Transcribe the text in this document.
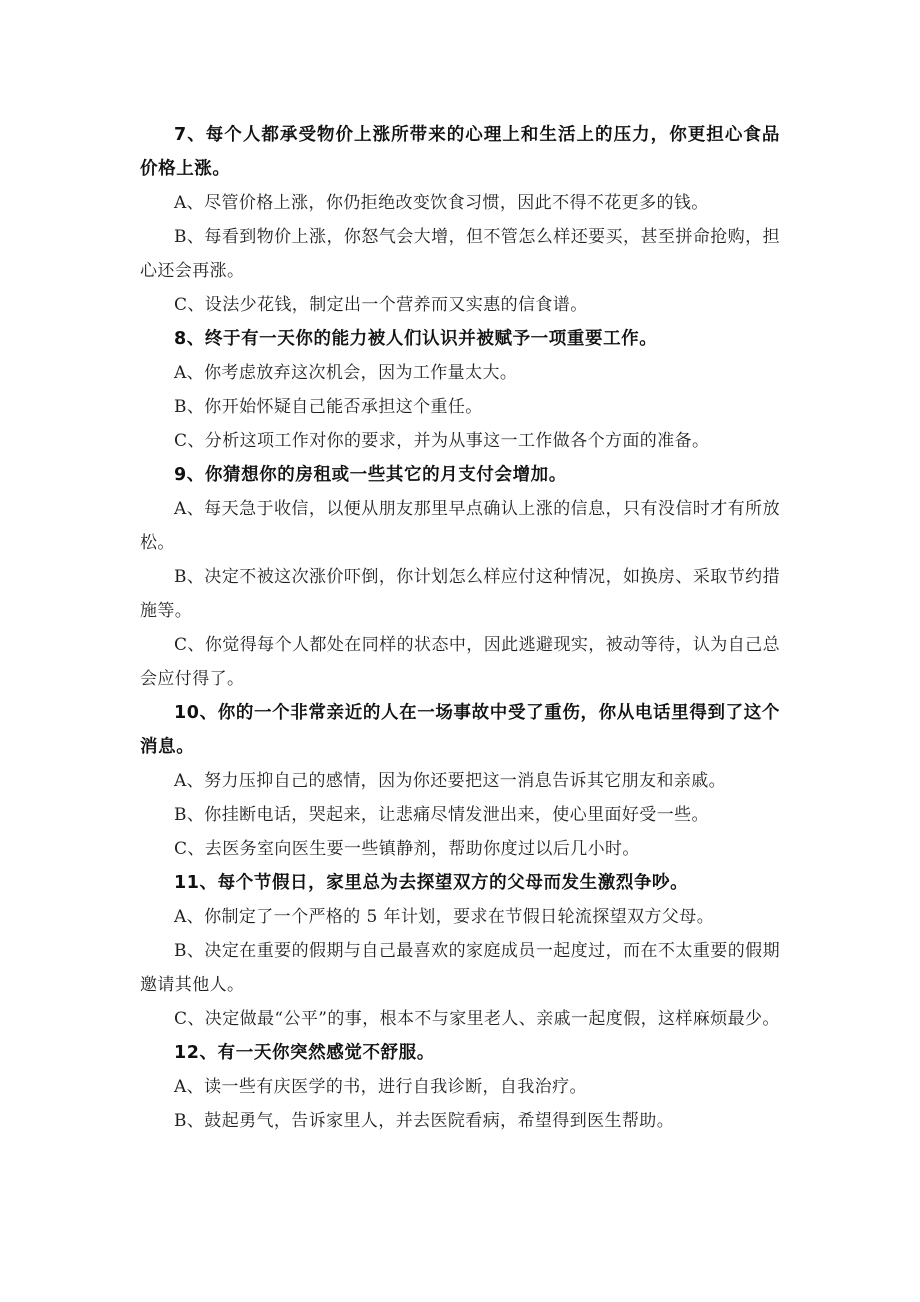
7、每个人都承受物价上涨所带来的心理上和生活上的压力，你更担心食品价格上涨。

A、尽管价格上涨，你仍拒绝改变饮食习惯，因此不得不花更多的钱。

B、每看到物价上涨，你怒气会大增，但不管怎么样还要买，甚至拼命抢购，担心还会再涨。

C、设法少花钱，制定出一个营养而又实惠的信食谱。

8、终于有一天你的能力被人们认识并被赋予一项重要工作。

A、你考虑放弃这次机会，因为工作量太大。

B、你开始怀疑自己能否承担这个重任。

C、分析这项工作对你的要求，并为从事这一工作做各个方面的准备。

9、你猜想你的房租或一些其它的月支付会增加。

A、每天急于收信，以便从朋友那里早点确认上涨的信息，只有没信时才有所放松。

B、决定不被这次涨价吓倒，你计划怎么样应付这种情况，如换房、采取节约措施等。

C、你觉得每个人都处在同样的状态中，因此逃避现实，被动等待，认为自己总会应付得了。

10、你的一个非常亲近的人在一场事故中受了重伤，你从电话里得到了这个消息。

A、努力压抑自己的感情，因为你还要把这一消息告诉其它朋友和亲戚。

B、你挂断电话，哭起来，让悲痛尽情发泄出来，使心里面好受一些。

C、去医务室向医生要一些镇静剂，帮助你度过以后几小时。

11、每个节假日，家里总为去探望双方的父母而发生激烈争吵。

A、你制定了一个严格的 5 年计划，要求在节假日轮流探望双方父母。

B、决定在重要的假期与自己最喜欢的家庭成员一起度过，而在不太重要的假期邀请其他人。

C、决定做最“公平”的事，根本不与家里老人、亲戚一起度假，这样麻烦最少。

12、有一天你突然感觉不舒服。

A、读一些有庆医学的书，进行自我诊断，自我治疗。

B、鼓起勇气，告诉家里人，并去医院看病，希望得到医生帮助。
